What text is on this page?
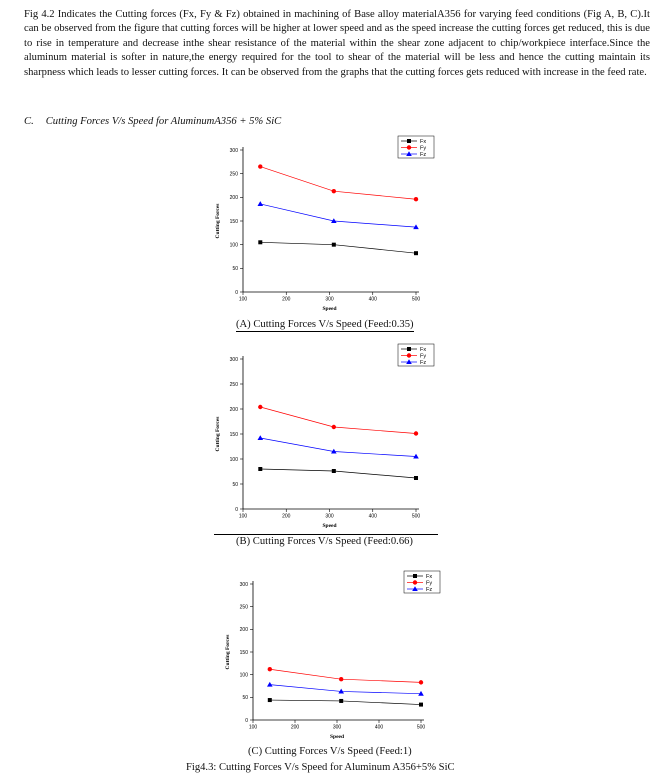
Fig 4.2 Indicates the Cutting forces (Fx, Fy & Fz) obtained in machining of Base alloy materialA356 for varying feed conditions (Fig A, B, C).It can be observed from the figure that cutting forces will be higher at lower speed and as the speed increase the cutting forces get reduced, this is due to rise in temperature and decrease inthe shear resistance of the material within the shear zone adjacent to chip/workpiece interface.Since the aluminum material is softer in nature,the energy required for the tool to shear of the material will be less and hence the cutting maintain its sharpness which leads to lesser cutting forces. It can be observed from the graphs that the cutting forces gets reduced with increase in the feed rate.

C. Cutting Forces V/s Speed for AluminumA356 + 5% SiC
0
50
100
150
200
250
300
100	200	300	400	500
Speed
Cutting Forces
Fx
Fy
Fz
0
50
100
150
200
250
300
100	200	300	400	500
Speed
Cutting Forces
Fx
Fy
Fz
0
50
100
150
200
250
300
100	200	300	400	500
Speed
Cutting Forces
Fx
Fy
Fz
(A) Cutting Forces V/s Speed (Feed:0.35)
(B) Cutting Forces V/s Speed (Feed:0.66)
(C) Cutting Forces V/s Speed (Feed:1)
Fig4.3: Cutting Forces V/s Speed for Aluminum A356+5% SiC
